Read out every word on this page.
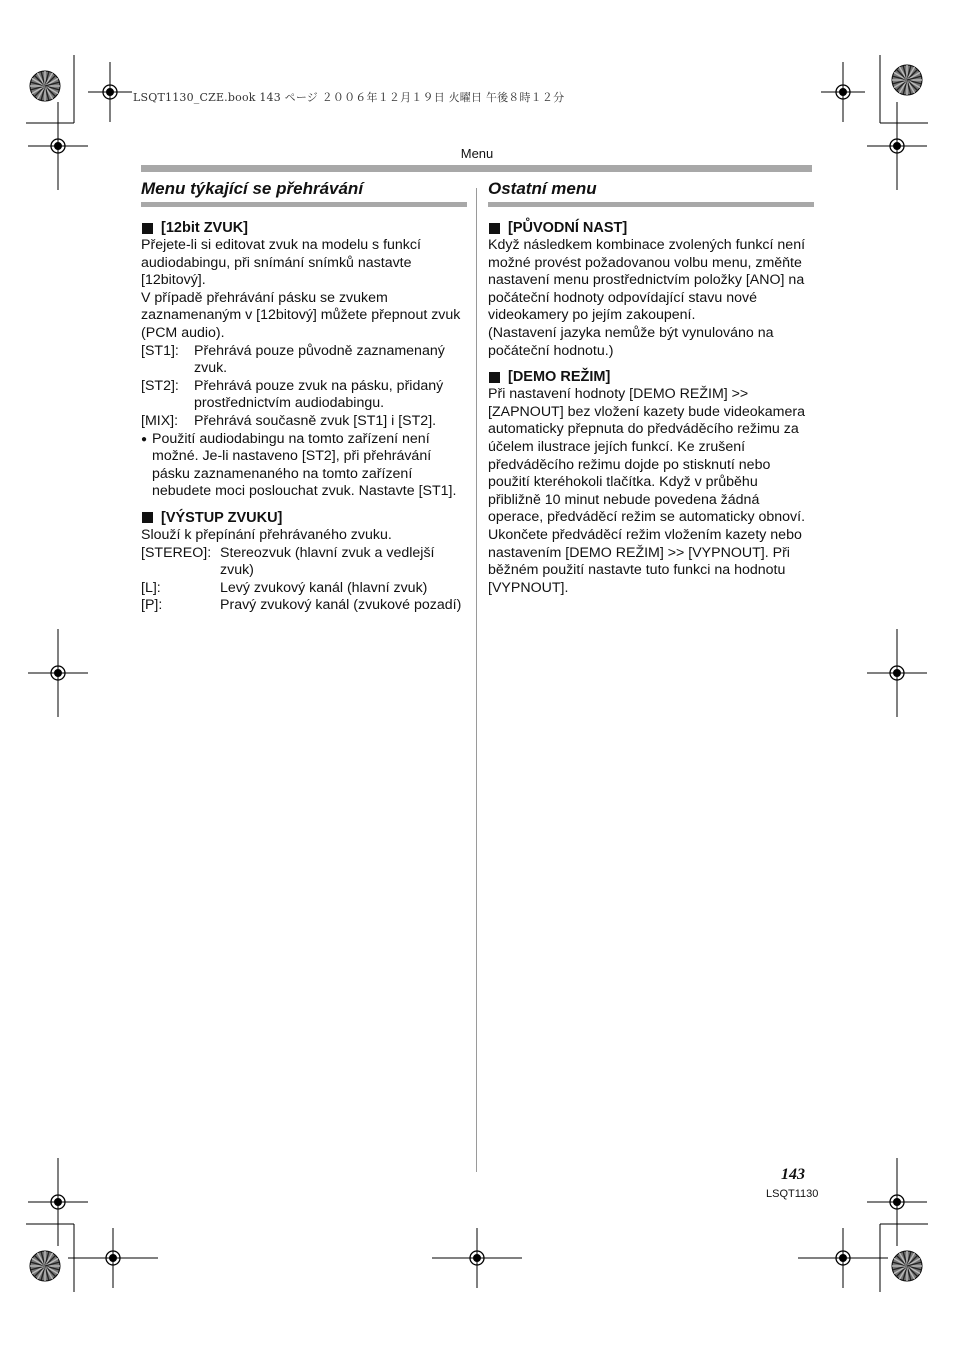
LSQT1130_CZE.book 143 ページ ２００６年１２月１９日 火曜日 午後８時１２分
Menu
Menu týkající se přehrávání
[12bit ZVUK]

Přejete-li si editovat zvuk na modelu s funkcí audiodabingu, při snímání snímků nastavte [12bitový].

V případě přehrávání pásku se zvukem zaznamenaným v [12bitový] můžete přepnout zvuk (PCM audio).

[ST1]:	Přehrává pouze původně zaznamenaný zvuk.
[ST2]:	Přehrává pouze zvuk na pásku, přidaný prostřednictvím audiodabingu.
[MIX]:	Přehrává současně zvuk [ST1] i [ST2].
● Použití audiodabingu na tomto zařízení není možné. Je-li nastaveno [ST2], při přehrávání pásku zaznamenaného na tomto zařízení nebudete moci poslouchat zvuk. Nastavte [ST1].
[VÝSTUP ZVUKU]

Slouží k přepínání přehrávaného zvuku.

[STEREO]: Stereozvuk (hlavní zvuk a vedlejší zvuk)
[L]:	Levý zvukový kanál (hlavní zvuk)
[P]:	Pravý zvukový kanál (zvukové pozadí)
Ostatní menu
[PŮVODNÍ NAST]

Když následkem kombinace zvolených funkcí není možné provést požadovanou volbu menu, změňte nastavení menu prostřednictvím položky [ANO] na počáteční hodnoty odpovídající stavu nové videokamery po jejím zakoupení.

(Nastavení jazyka nemůže být vynulováno na počáteční hodnotu.)

[DEMO REŽIM]

Při nastavení hodnoty [DEMO REŽIM] >> [ZAPNOUT] bez vložení kazety bude videokamera automaticky přepnuta do předváděcího režimu za účelem ilustrace jejích funkcí. Ke zrušení předváděcího režimu dojde po stisknutí nebo použití kteréhokoli tlačítka. Když v průběhu přibližně 10 minut nebude povedena žádná operace, předváděcí režim se automaticky obnoví. Ukončete předváděcí režim vložením kazety nebo nastavením [DEMO REŽIM] >> [VYPNOUT]. Při běžném použití nastavte tuto funkci na hodnotu [VYPNOUT].

143
LSQT1130
